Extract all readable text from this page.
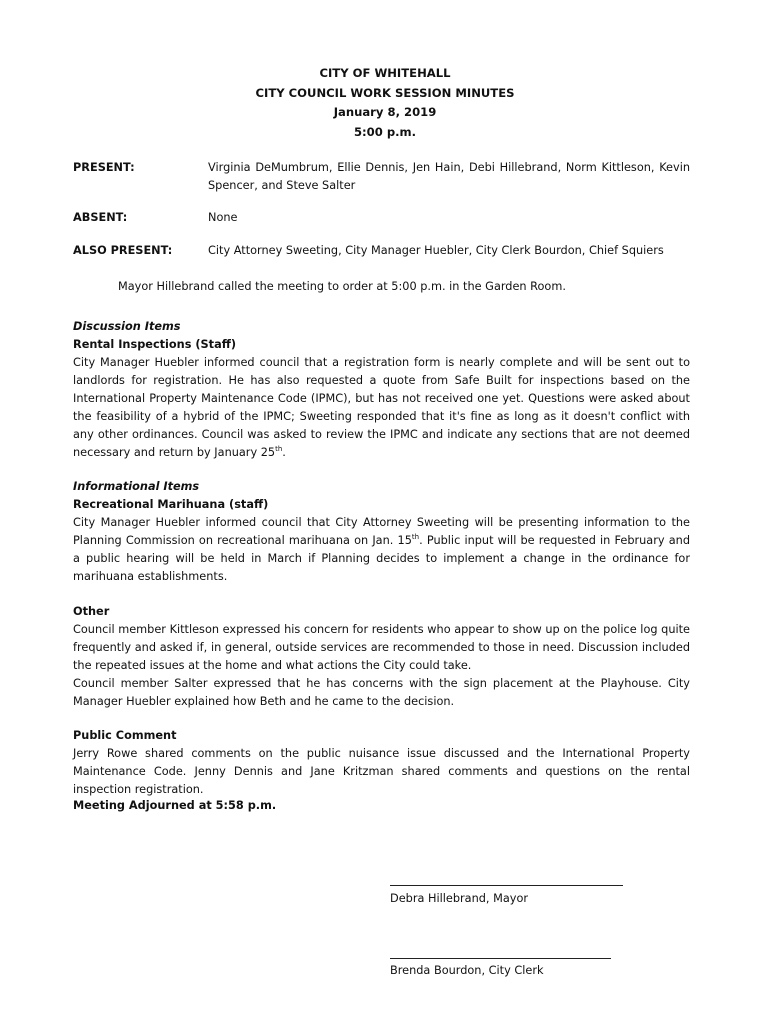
CITY OF WHITEHALL
CITY COUNCIL WORK SESSION MINUTES
January 8, 2019
5:00 p.m.
PRESENT:	Virginia DeMumbrum, Ellie Dennis, Jen Hain, Debi Hillebrand, Norm Kittleson, Kevin Spencer, and Steve Salter
ABSENT:	None
ALSO PRESENT:	City Attorney Sweeting, City Manager Huebler, City Clerk Bourdon, Chief Squiers
Mayor Hillebrand called the meeting to order at 5:00 p.m. in the Garden Room.
Discussion Items
Rental Inspections (Staff)
City Manager Huebler informed council that a registration form is nearly complete and will be sent out to landlords for registration. He has also requested a quote from Safe Built for inspections based on the International Property Maintenance Code (IPMC), but has not received one yet. Questions were asked about the feasibility of a hybrid of the IPMC; Sweeting responded that it's fine as long as it doesn't conflict with any other ordinances. Council was asked to review the IPMC and indicate any sections that are not deemed necessary and return by January 25th.
Informational Items
Recreational Marihuana (staff)
City Manager Huebler informed council that City Attorney Sweeting will be presenting information to the Planning Commission on recreational marihuana on Jan. 15th. Public input will be requested in February and a public hearing will be held in March if Planning decides to implement a change in the ordinance for marihuana establishments.
Other
Council member Kittleson expressed his concern for residents who appear to show up on the police log quite frequently and asked if, in general, outside services are recommended to those in need. Discussion included the repeated issues at the home and what actions the City could take.
Council member Salter expressed that he has concerns with the sign placement at the Playhouse. City Manager Huebler explained how Beth and he came to the decision.
Public Comment
Jerry Rowe shared comments on the public nuisance issue discussed and the International Property Maintenance Code. Jenny Dennis and Jane Kritzman shared comments and questions on the rental inspection registration.
Meeting Adjourned at 5:58 p.m.
Debra Hillebrand, Mayor
Brenda Bourdon, City Clerk
